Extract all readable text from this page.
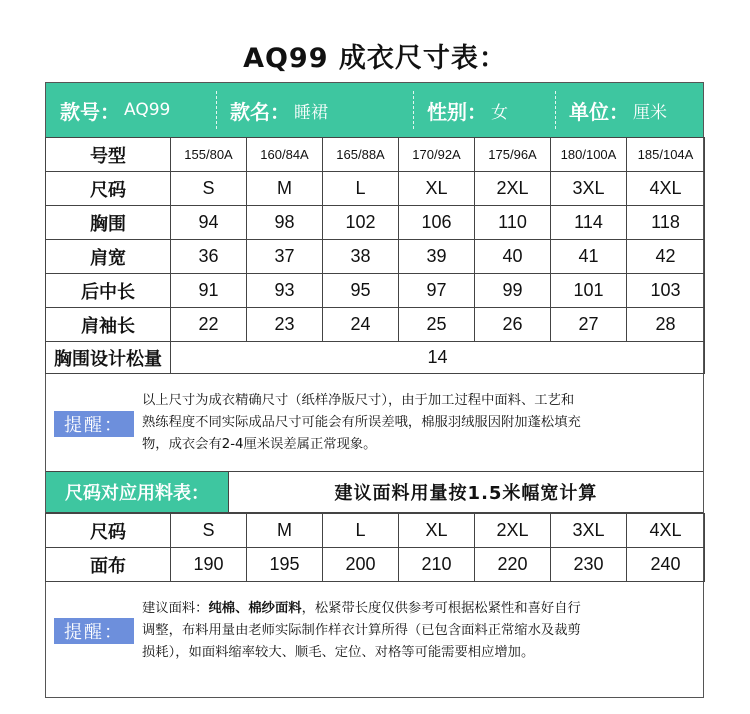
AQ99 成衣尺寸表：
款号： AQ99	款名： 睡裙	性别： 女	单位： 厘米
号型	155/80A	160/84A	165/88A	170/92A	175/96A	180/100A	185/104A
尺码	S	M	L	XL	2XL	3XL	4XL
胸围	94	98	102	106	110	114	118
肩宽	36	37	38	39	40	41	42
后中长	91	93	95	97	99	101	103
肩袖长	22	23	24	25	26	27	28
胸围设计松量	14						
提醒：
以上尺寸为成衣精确尺寸（纸样净版尺寸），由于加工过程中面料、工艺和
熟练程度不同实际成品尺寸可能会有所误差哦，棉服羽绒服因附加蓬松填充
物，成衣会有2-4厘米误差属正常现象。
尺码对应用料表：	建议面料用量按1.5米幅宽计算
尺码	S	M	L	XL	2XL	3XL	4XL
面布	190	195	200	210	220	230	240
提醒：
建议面料：纯棉、棉纱面料，松紧带长度仅供参考可根据松紧性和喜好自行
调整，布料用量由老师实际制作样衣计算所得（已包含面料正常缩水及裁剪
损耗），如面料缩率较大、顺毛、定位、对格等可能需要相应增加。
